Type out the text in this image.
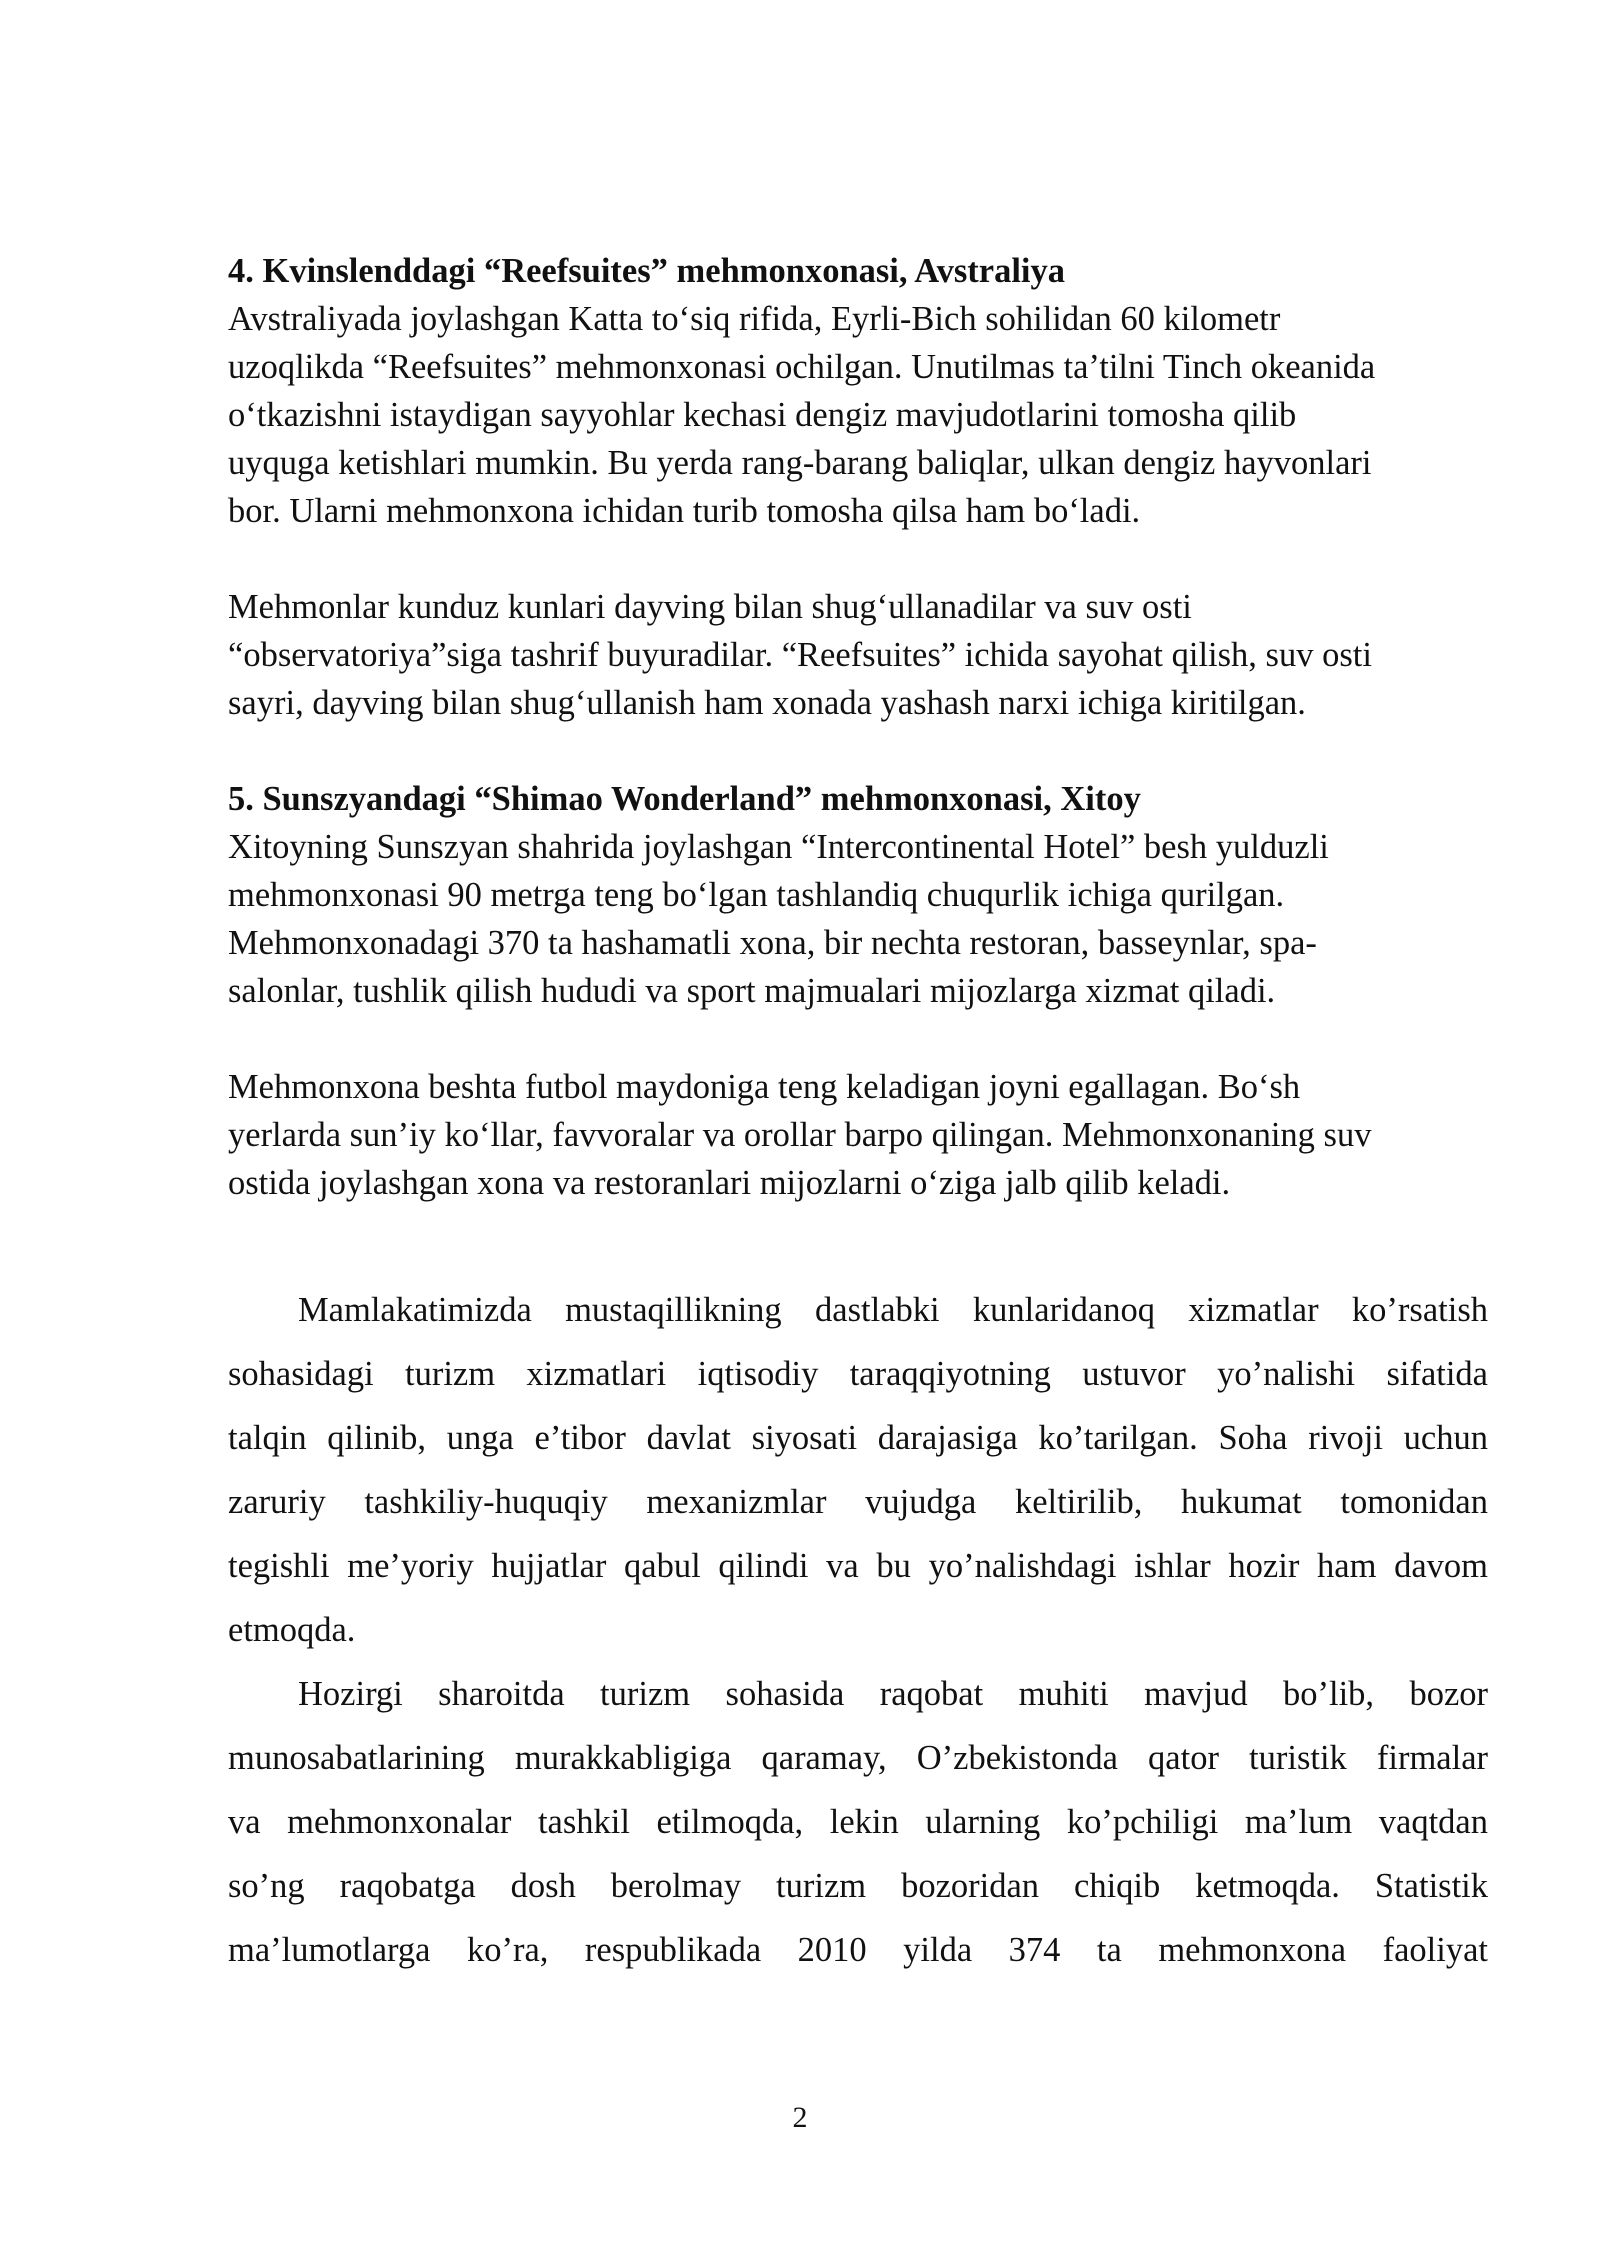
4. Kvinslenddagi “Reefsuites” mehmonxonasi, Avstraliya
Avstraliyada joylashgan Katta to‘siq rifida, Eyrli-Bich sohilidan 60 kilometr
uzoqlikda “Reefsuites” mehmonxonasi ochilgan. Unutilmas ta’tilni Tinch okeanida
o‘tkazishni istaydigan sayyohlar kechasi dengiz mavjudotlarini tomosha qilib
uyquga ketishlari mumkin. Bu yerda rang-barang baliqlar, ulkan dengiz hayvonlari
bor. Ularni mehmonxona ichidan turib tomosha qilsa ham bo‘ladi.
Mehmonlar kunduz kunlari dayving bilan shug‘ullanadilar va suv osti
“observatoriya”siga tashrif buyuradilar. “Reefsuites” ichida sayohat qilish, suv osti
sayri, dayving bilan shug‘ullanish ham xonada yashash narxi ichiga kiritilgan.
5. Sunszyandagi “Shimao Wonderland” mehmonxonasi, Xitoy
Xitoyning Sunszyan shahrida joylashgan “Intercontinental Hotel” besh yulduzli
mehmonxonasi 90 metrga teng bo‘lgan tashlandiq chuqurlik ichiga qurilgan.
Mehmonxonadagi 370 ta hashamatli xona, bir nechta restoran, basseynlar, spa-
salonlar, tushlik qilish hududi va sport majmualari mijozlarga xizmat qiladi.
Mehmonxona beshta futbol maydoniga teng keladigan joyni egallagan. Bo‘sh
yerlarda sun’iy ko‘llar, favvoralar va orollar barpo qilingan. Mehmonxonaning suv
ostida joylashgan xona va restoranlari mijozlarni o‘ziga jalb qilib keladi.
Mamlakatimizda mustaqillikning dastlabki kunlaridanoq xizmatlar ko’rsatish
sohasidagi turizm xizmatlari iqtisodiy taraqqiyotning ustuvor yo’nalishi sifatida
talqin qilinib, unga e’tibor davlat siyosati darajasiga ko’tarilgan. Soha rivoji uchun
zaruriy tashkiliy-huquqiy mexanizmlar vujudga keltirilib, hukumat tomonidan
tegishli me’yoriy hujjatlar qabul qilindi va bu yo’nalishdagi ishlar hozir ham davom
etmoqda.
Hozirgi sharoitda turizm sohasida raqobat muhiti mavjud bo’lib, bozor
munosabatlarining murakkabligiga qaramay, O’zbekistonda qator turistik firmalar
va mehmonxonalar tashkil etilmoqda, lekin ularning ko’pchiligi ma’lum vaqtdan
so’ng raqobatga dosh berolmay turizm bozoridan chiqib ketmoqda. Statistik
ma’lumotlarga ko’ra, respublikada 2010 yilda 374 ta mehmonxona faoliyat
2
